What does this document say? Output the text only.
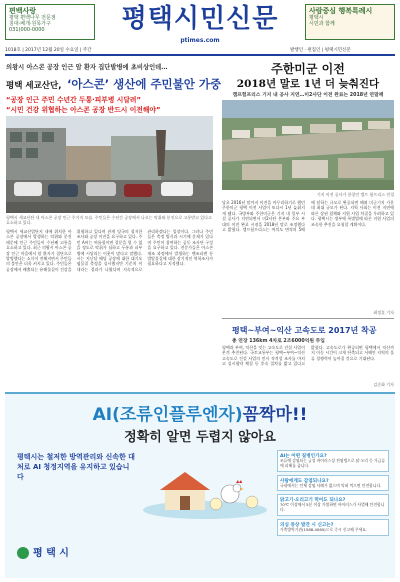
편백사랑
평택 편백나무 전문점
침대·베개·원목가구
031)000-0000	평택시민신문
ptimes.com
사람중심 행복특례시
평택시
시민과 함께
1018호 | 2017년 12월 20일 수요일 | 주간	발행인 · 편집인 | 평택시민신문
의왕시 아스콘 공장 인근 암 환자 집단발병에 초비상인데…
평택 세교산단, ‘아스콘’ 생산에 주민불안 가중
“공장 인근 주민 수년간 두통·피부병 시달려”
“시민 건강 위협하는 아스콘 공장 반드시 이전해야”
평택시 세교산단 내 아스콘 공장 인근 주거지 모습. 주민들은 수년간 공장에서 나오는 악취와 분진으로 고통받고 있다고 호소하고 있다.
평택시 세교산업단지 내에 위치한 아스콘 공장에서 발생하는 악취와 분진 때문에 인근 주민들이 수년째 고통을 호소하고 있다. 최근 의왕시 아스콘 공장 인근 마을에서 암 환자가 집단으로 발병했다는 소식이 전해지면서 주민들의 불안은 더욱 커지고 있다. 주민들은 공장에서 배출되는 유해물질이 건강을 위협하고 있다며 관계 당국의 철저한 조사와 공장 이전을 요구하고 있다. 주민 A씨는 여름철이면 창문을 열 수 없을 정도로 악취가 심하고 두통과 피부병에 시달리는 이웃이 많다고 말했다. 시는 지난달 해당 공장에 대한 대기오염물질 측정을 실시했지만 기준치 이내라는 결과가 나왔다며 지속적으로 관리하겠다는 입장이다. 그러나 주민들은 측정 방식과 시기에 문제가 있다며 주민이 참여하는 공동 조사단 구성을 요구하고 있다. 전문가들은 아스콘 제조 과정에서 발생하는 벤조피렌 등 발암물질에 대한 장기적인 역학조사가 필요하다고 지적했다.
주한미군 이전
2018년 말로 1년 더 늦춰진다
캠프험프리스 기지 내 공사 지연…미2사단 이전 완료는 2018년 연말께
기지 이전 공사가 한창인 캠프 험프리스 전경
당초 2016년 말까지 이전을 마무리하기로 했던 주한미군 평택 이전 사업이 또다시 1년 늦춰지게 됐다. 국방부와 주한미군은 기지 내 일부 시설 공사가 지연되면서 미2사단 본부와 주요 부대의 이전 완료 시점을 2018년 말로 조정했다고 밝혔다. 캠프험프리스는 여의도 면적의 5배에 달하는 규모로 완공되면 해외 미군기지 가운데 최대 규모가 된다. 지역 사회는 이전 지연에 따른 상권 침체와 지원 사업 차질을 우려하고 있다. 평택시는 정부에 특별법에 따른 지원 사업의 조속한 추진을 요청할 계획이다.
최정훈 기자
평택~부여~익산 고속도로 2017년 착공
총 연장 136km 4차로 2조6000억원 투입
평택과 부여, 익산을 잇는 고속도로 건설 사업이 본격 추진된다. 국토교통부는 평택~부여~익산 고속도로 건설 사업의 민자 적격성 조사를 마치고 실시협약 체결 등 후속 절차를 밟고 있다고 밝혔다. 고속도로가 완공되면 평택에서 익산까지 이동 시간이 크게 단축되고 서해안 지역의 물류 경쟁력이 높아질 것으로 기대된다.
김순화 기자
AI(조류인플루엔자)꼼짝마!!
정확히 알면 두렵지 않아요
평택시는 철저한 방역관리와 신속한 대처로 AI 청정지역을 유지하고 있습니다
평 택 시
AI는 어떤 질병인가요?
조류에 감염되는 급성 바이러스성 전염병으로 닭·오리 등 가금류에 피해를 줍니다.
사람에게도 감염되나요?
국내에서는 인체 감염 사례가 없으며 익혀 먹으면 안전합니다.
닭고기·오리고기 먹어도 되나요?
70℃ 이상에서 5분 이상 가열하면 바이러스가 사멸해 안전합니다.
의심 증상 발견 시 신고는?
가축방역기관(1588-4060)으로 즉시 신고해 주세요.
